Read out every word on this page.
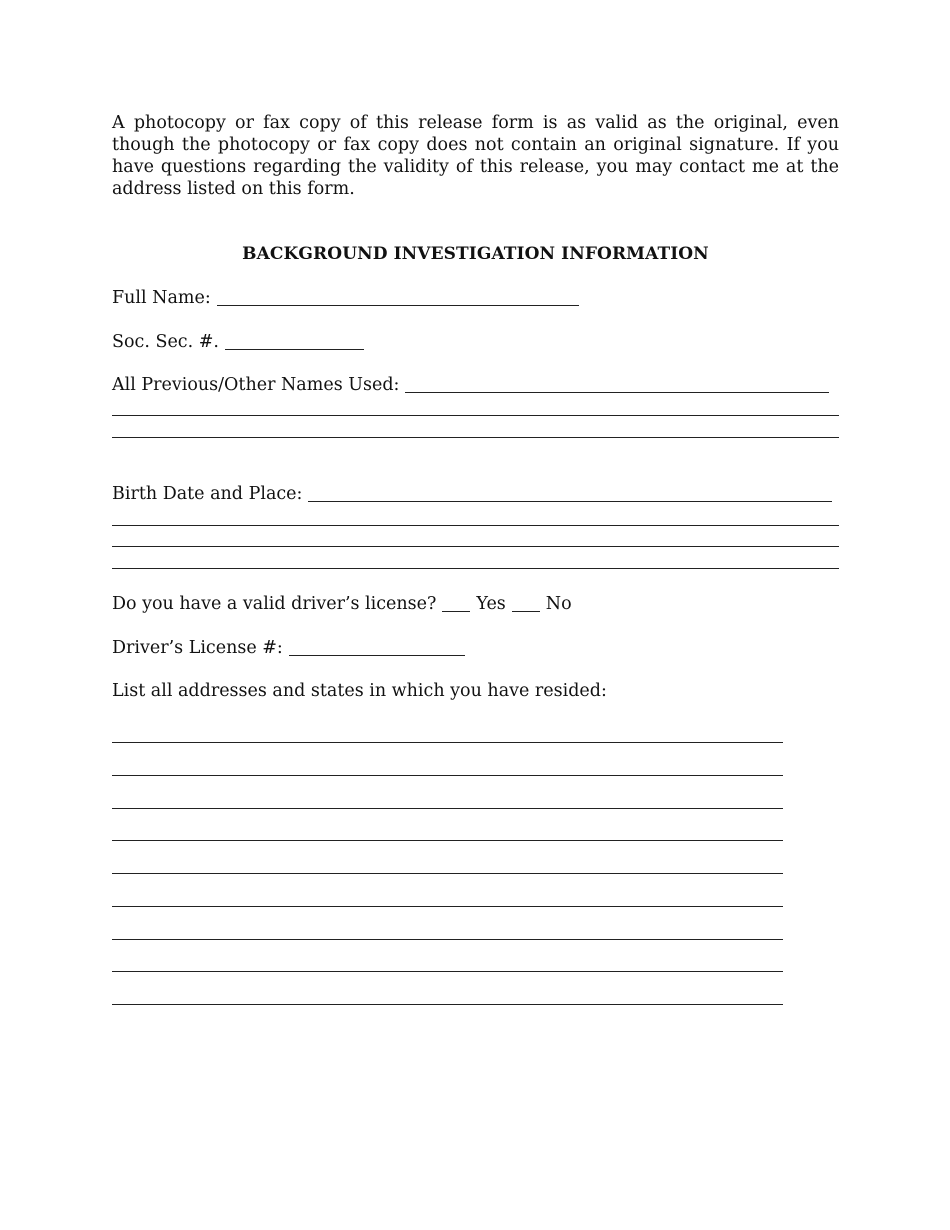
A photocopy or fax copy of this release form is as valid as the original, even though the photocopy or fax copy does not contain an original signature. If you have questions regarding the validity of this release, you may contact me at the address listed on this form.

BACKGROUND INVESTIGATION INFORMATION
Full Name:
Soc. Sec. #.
All Previous/Other Names Used:
Birth Date and Place:
Do you have a valid driver’s license? Yes No
Driver’s License #:
List all addresses and states in which you have resided:
